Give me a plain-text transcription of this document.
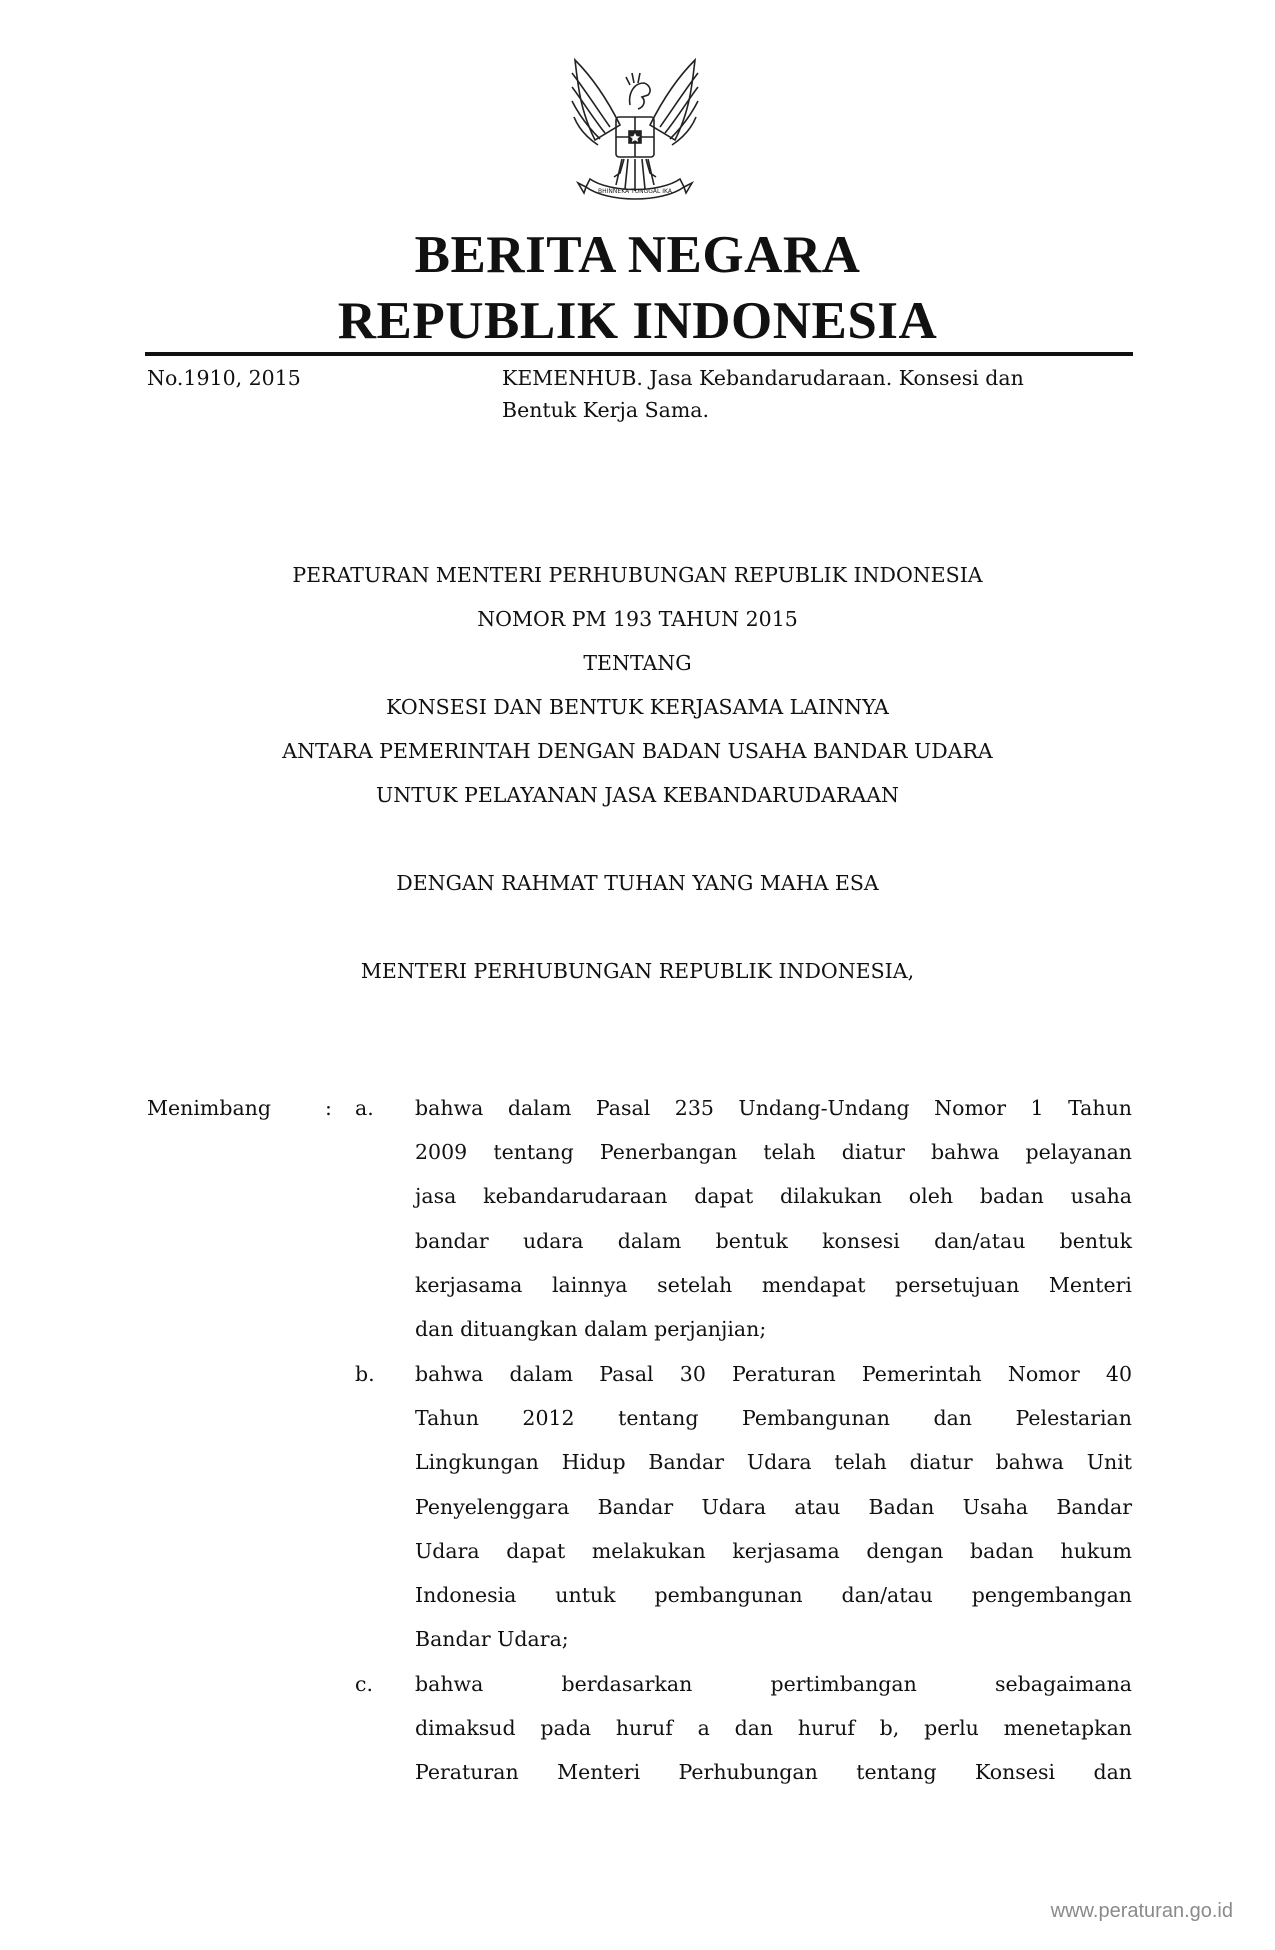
BHINNEKA TUNGGAL IKA
BERITA NEGARA
REPUBLIK INDONESIA
No.1910, 2015	KEMENHUB. Jasa Kebandarudaraan. Konsesi dan
Bentuk Kerja Sama.
PERATURAN MENTERI PERHUBUNGAN REPUBLIK INDONESIA
NOMOR PM 193 TAHUN 2015
TENTANG
KONSESI DAN BENTUK KERJASAMA LAINNYA
ANTARA PEMERINTAH DENGAN BADAN USAHA BANDAR UDARA
UNTUK PELAYANAN JASA KEBANDARUDARAAN
DENGAN RAHMAT TUHAN YANG MAHA ESA
MENTERI PERHUBUNGAN REPUBLIK INDONESIA,
Menimbang	: a. bahwa dalam Pasal 235 Undang-Undang Nomor 1 Tahun
2009 tentang Penerbangan telah diatur bahwa pelayanan
jasa kebandarudaraan dapat dilakukan oleh badan usaha
bandar udara dalam bentuk konsesi dan/atau bentuk
kerjasama lainnya setelah mendapat persetujuan Menteri
dan dituangkan dalam perjanjian;
b. bahwa dalam Pasal 30 Peraturan Pemerintah Nomor 40
Tahun 2012 tentang Pembangunan dan Pelestarian
Lingkungan Hidup Bandar Udara telah diatur bahwa Unit
Penyelenggara Bandar Udara atau Badan Usaha Bandar
Udara dapat melakukan kerjasama dengan badan hukum
Indonesia untuk pembangunan dan/atau pengembangan
Bandar Udara;
c. bahwa berdasarkan pertimbangan sebagaimana
dimaksud pada huruf a dan huruf b, perlu menetapkan
Peraturan Menteri Perhubungan tentang Konsesi dan
www.peraturan.go.id
